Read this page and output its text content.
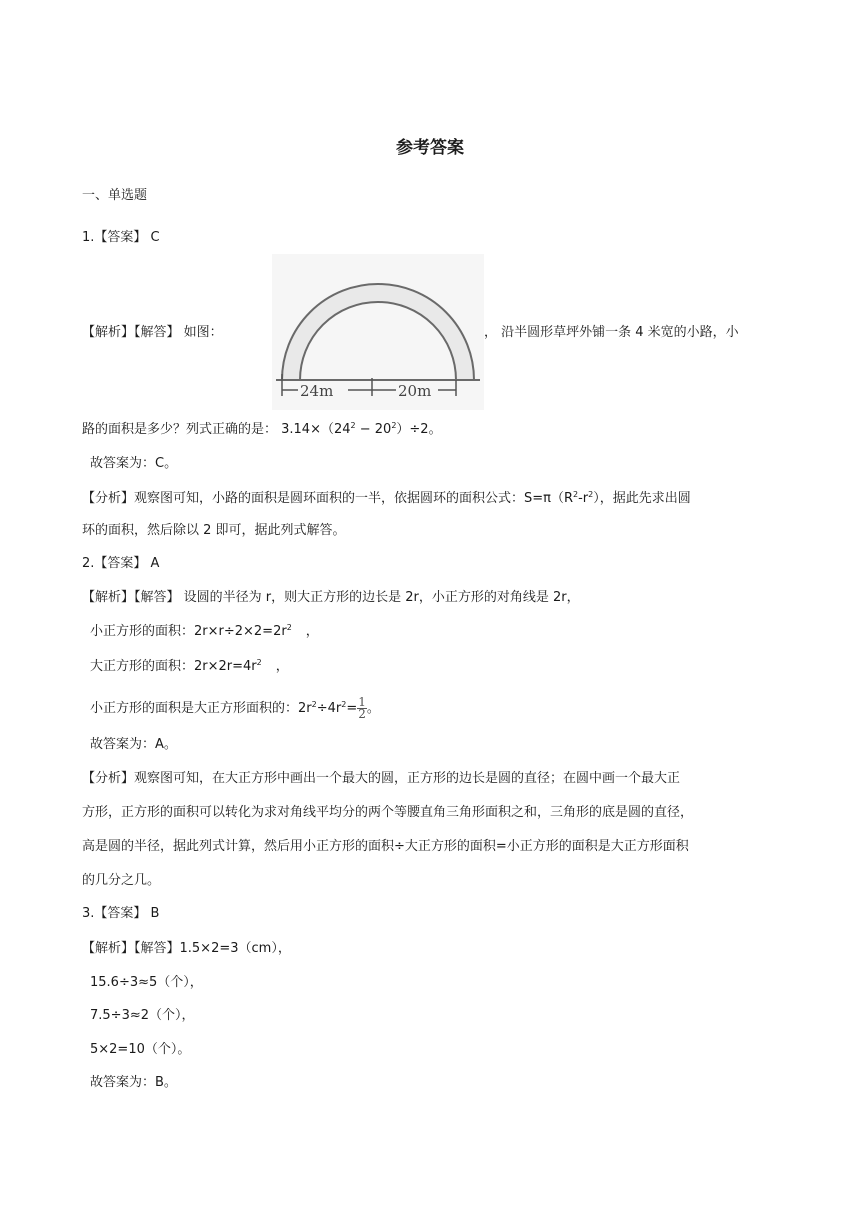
参考答案
一、单选题
1.【答案】 C
【解析】【解答】 如图：
24m	20m
， 沿半圆形草坪外铺一条 4 米宽的小路，小
路的面积是多少？列式正确的是： $3.14\times(24^2 - 20^2)\div 2$。
故答案为：C。
【分析】观察图可知，小路的面积是圆环面积的一半，依据圆环的面积公式：$S=\pi(R^2-r^2)$，据此先求出圆
环的面积，然后除以 2 即可，据此列式解答。
2.【答案】 A
【解析】【解答】 设圆的半径为 r，则大正方形的边长是 2r，小正方形的对角线是 2r，
小正方形的面积：$2r\times r\div 2\times 2=2r^2$ ，
大正方形的面积：$2r\times 2r=4r^2$ ，
小正方形的面积是大正方形面积的：$2r^2\div 4r^2= \frac{1}{2}$ 。
故答案为：A。
【分析】观察图可知，在大正方形中画出一个最大的圆，正方形的边长是圆的直径；在圆中画一个最大正
方形，正方形的面积可以转化为求对角线平均分的两个等腰直角三角形面积之和，三角形的底是圆的直径，
高是圆的半径，据此列式计算，然后用小正方形的面积÷大正方形的面积=小正方形的面积是大正方形面积
的几分之几。
3.【答案】 B
【解析】【解答】1.5×2=3（cm），
15.6÷3≈5（个），
7.5÷3≈2（个），
5×2=10（个）。
故答案为：B。
